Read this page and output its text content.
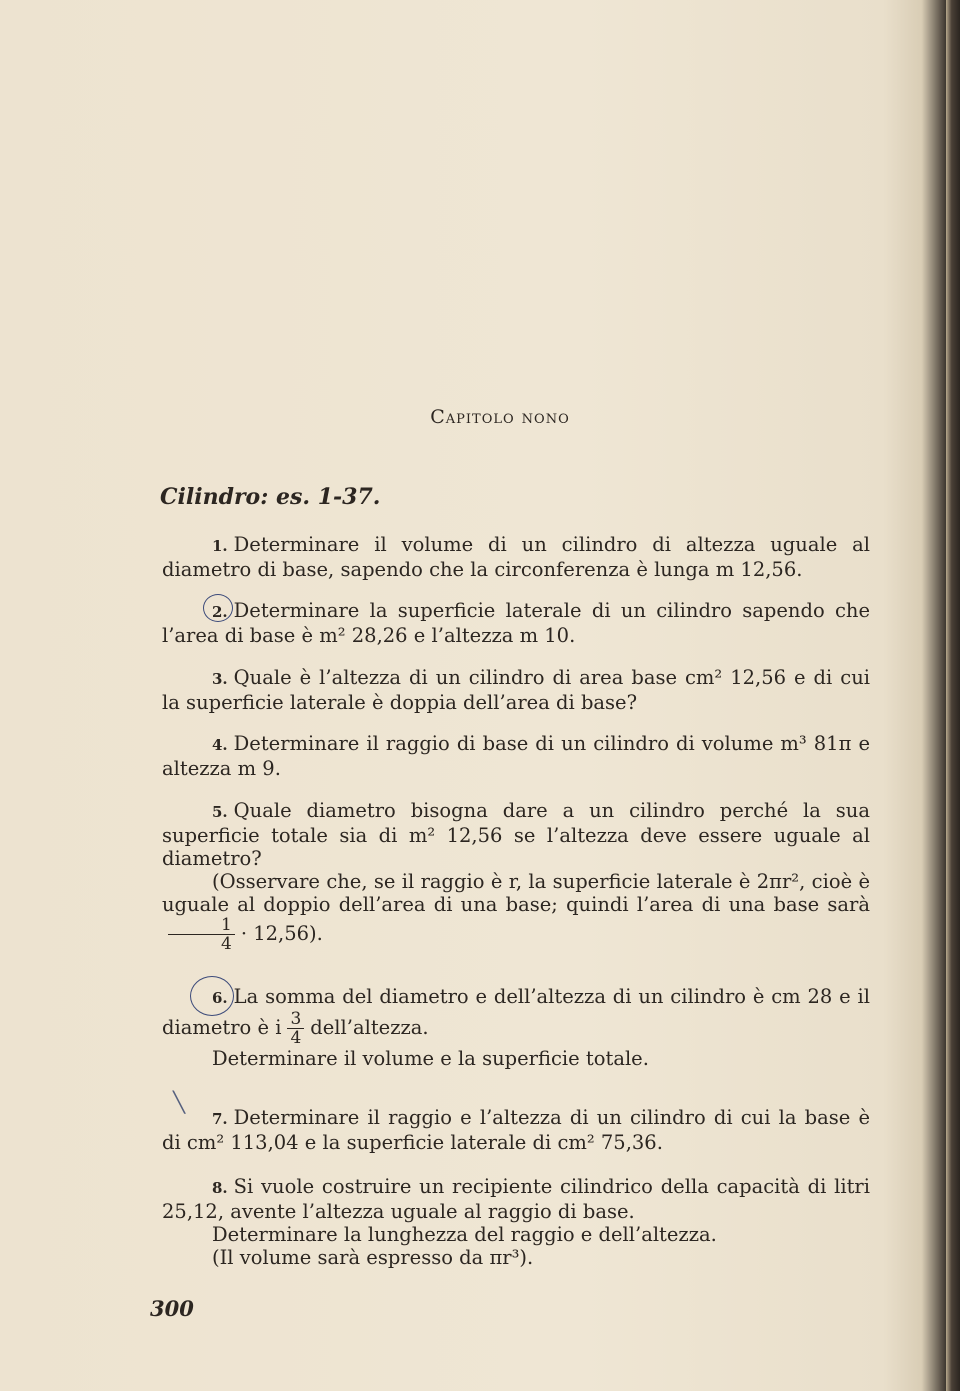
Capitolo nono
Cilindro: es. 1-37.
1. Determinare il volume di un cilindro di altezza uguale al diametro di base, sapendo che la circonferenza è lunga m 12,56.
2. Determinare la superficie laterale di un cilindro sapendo che l’area di base è m² 28,26 e l’altezza m 10.
3. Quale è l’altezza di un cilindro di area base cm² 12,56 e di cui la superficie laterale è doppia dell’area di base?
4. Determinare il raggio di base di un cilindro di volume m³ 81π e altezza m 9.
5. Quale diametro bisogna dare a un cilindro perché la sua superficie totale sia di m² 12,56 se l’altezza deve essere uguale al diametro?
(Osservare che, se il raggio è r, la superficie laterale è 2πr², cioè è uguale al doppio dell’area di una base; quindi l’area di una base sarà
$\frac{1}{4} \cdot 12,56$).
6. La somma del diametro e dell’altezza di un cilindro è cm 28 e il diametro è i $\frac{3}{4}$ dell’altezza.
Determinare il volume e la superficie totale.
╲
7. Determinare il raggio e l’altezza di un cilindro di cui la base è di cm² 113,04 e la superficie laterale di cm² 75,36.
8. Si vuole costruire un recipiente cilindrico della capacità di litri 25,12, avente l’altezza uguale al raggio di base.
Determinare la lunghezza del raggio e dell’altezza.
(Il volume sarà espresso da πr³).
300
